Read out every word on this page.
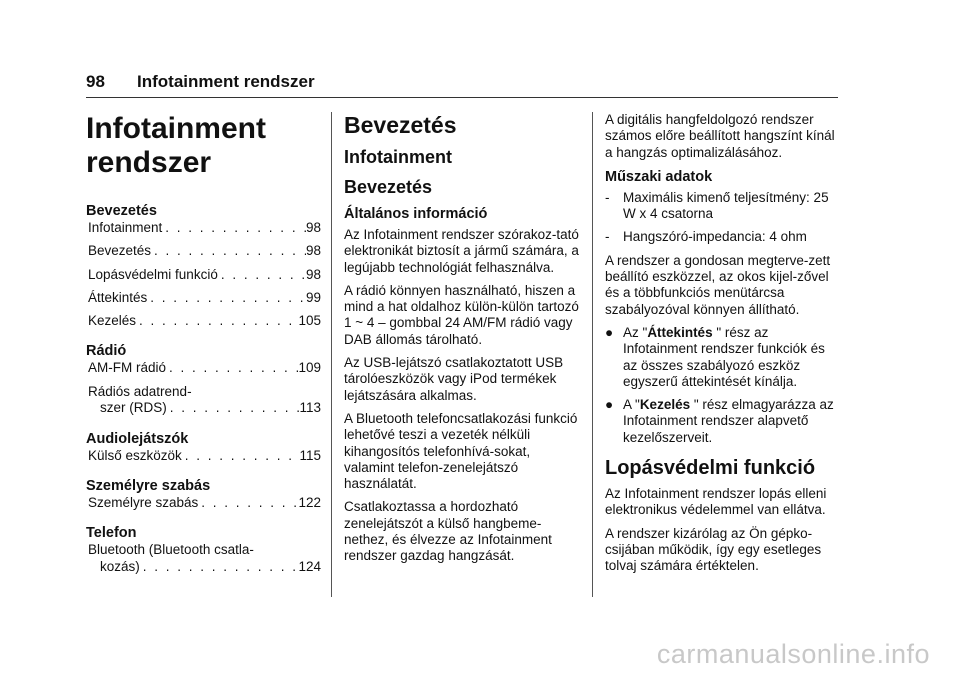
98 Infotainment rendszer
Infotainment
rendszer
Bevezetés
Infotainment . . .	98
Bevezetés . . .	98
Lopásvédelmi funkció . . .	98
Áttekintés . . .	99
Kezelés . . .	105
Rádió
AM-FM rádió . . .	109
Rádiós adatrend-
szer (RDS) . . .	113
Audiolejátszók
Külső eszközök . . .	115
Személyre szabás
Személyre szabás . . .	122
Telefon
Bluetooth (Bluetooth csatla-
kozás) . . .	124
Bevezetés
Infotainment
Bevezetés
Általános információ
Az Infotainment rendszer szórakoz-tató elektronikát biztosít a jármű számára, a legújabb technológiát felhasználva.
A rádió könnyen használható, hiszen a mind a hat oldalhoz külön-külön tartozó 1 ~ 4 ‒ gombbal 24 AM/FM rádió vagy DAB állomás tárolható.
Az USB-lejátszó csatlakoztatott USB tárolóeszközök vagy iPod termékek lejátszására alkalmas.
A Bluetooth telefoncsatlakozási funkció lehetővé teszi a vezeték nélküli kihangosítós telefonhívá-sokat, valamint telefon-zenelejátszó használatát.
Csatlakoztassa a hordozható zenelejátszót a külső hangbeme-nethez, és élvezze az Infotainment rendszer gazdag hangzását.
A digitális hangfeldolgozó rendszer számos előre beállított hangszínt kínál a hangzás optimalizálásához.
Műszaki adatok
-	Maximális kimenő teljesítmény: 25 W x 4 csatorna
-	Hangszóró-impedancia: 4 ohm
A rendszer a gondosan megterve-zett beállító eszközzel, az okos kijel-zővel és a többfunkciós menütárcsa szabályozóval könnyen állítható.
● Az "Áttekintés " rész az Infotainment rendszer funkciók és az összes szabályozó eszköz egyszerű áttekintését kínálja.
● A "Kezelés " rész elmagyarázza az Infotainment rendszer alapvető kezelőszerveit.
Lopásvédelmi funkció
Az Infotainment rendszer lopás elleni elektronikus védelemmel van ellátva.
A rendszer kizárólag az Ön gépko-csijában működik, így egy esetleges tolvaj számára értéktelen.
carmanualsonline.info
